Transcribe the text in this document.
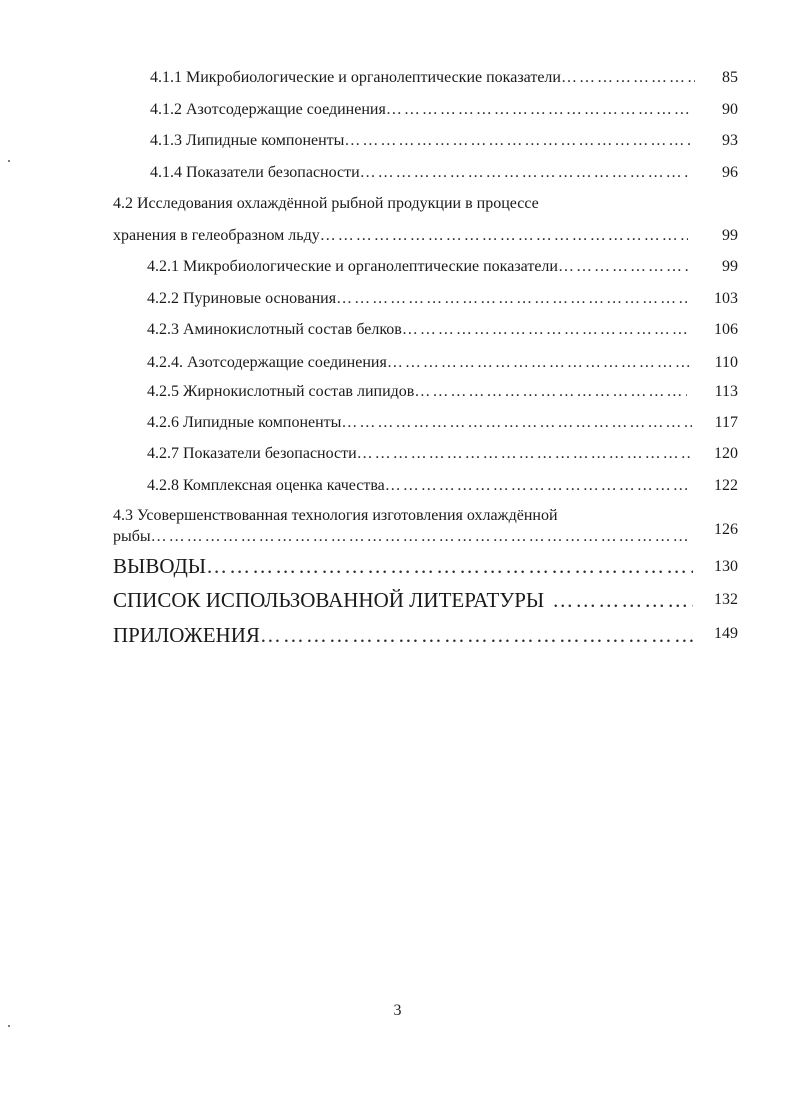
4.1.1 Микробиологические и органолептические показатели ……………………………………………………………………………………………………………………………………………………………………………	85
4.1.2 Азотсодержащие соединения ……………………………………………………………………………………………………………………………………………………………………………	90
4.1.3 Липидные компоненты ……………………………………………………………………………………………………………………………………………………………………………	93
4.1.4 Показатели безопасности ……………………………………………………………………………………………………………………………………………………………………………	96
4.2 Исследования охлаждённой рыбной продукции в процессе
хранения в гелеобразном льду ……………………………………………………………………………………………………………………………………………………………………………	99
4.2.1 Микробиологические и органолептические показатели ……………………………………………………………………………………………………………………………………………………………………………	99
4.2.2 Пуриновые основания ……………………………………………………………………………………………………………………………………………………………………………	103
4.2.3 Аминокислотный состав белков ……………………………………………………………………………………………………………………………………………………………………………	106
4.2.4. Азотсодержащие соединения ……………………………………………………………………………………………………………………………………………………………………………	110
4.2.5 Жирнокислотный состав липидов ……………………………………………………………………………………………………………………………………………………………………………	113
4.2.6 Липидные компоненты ……………………………………………………………………………………………………………………………………………………………………………	117
4.2.7 Показатели безопасности ……………………………………………………………………………………………………………………………………………………………………………	120
4.2.8 Комплексная оценка качества ……………………………………………………………………………………………………………………………………………………………………………	122
4.3 Усовершенствованная технология изготовления охлаждённой
рыбы ……………………………………………………………………………………………………………………………………………………………………………	126
ВЫВОДЫ ……………………………………………………………………………………………………………………………………………………………………………	130
СПИСОК ИСПОЛЬЗОВАННОЙ ЛИТЕРАТУРЫ ……………………………………………………………………………………………………………………………………………………………………………	132
ПРИЛОЖЕНИЯ ……………………………………………………………………………………………………………………………………………………………………………	149
3
